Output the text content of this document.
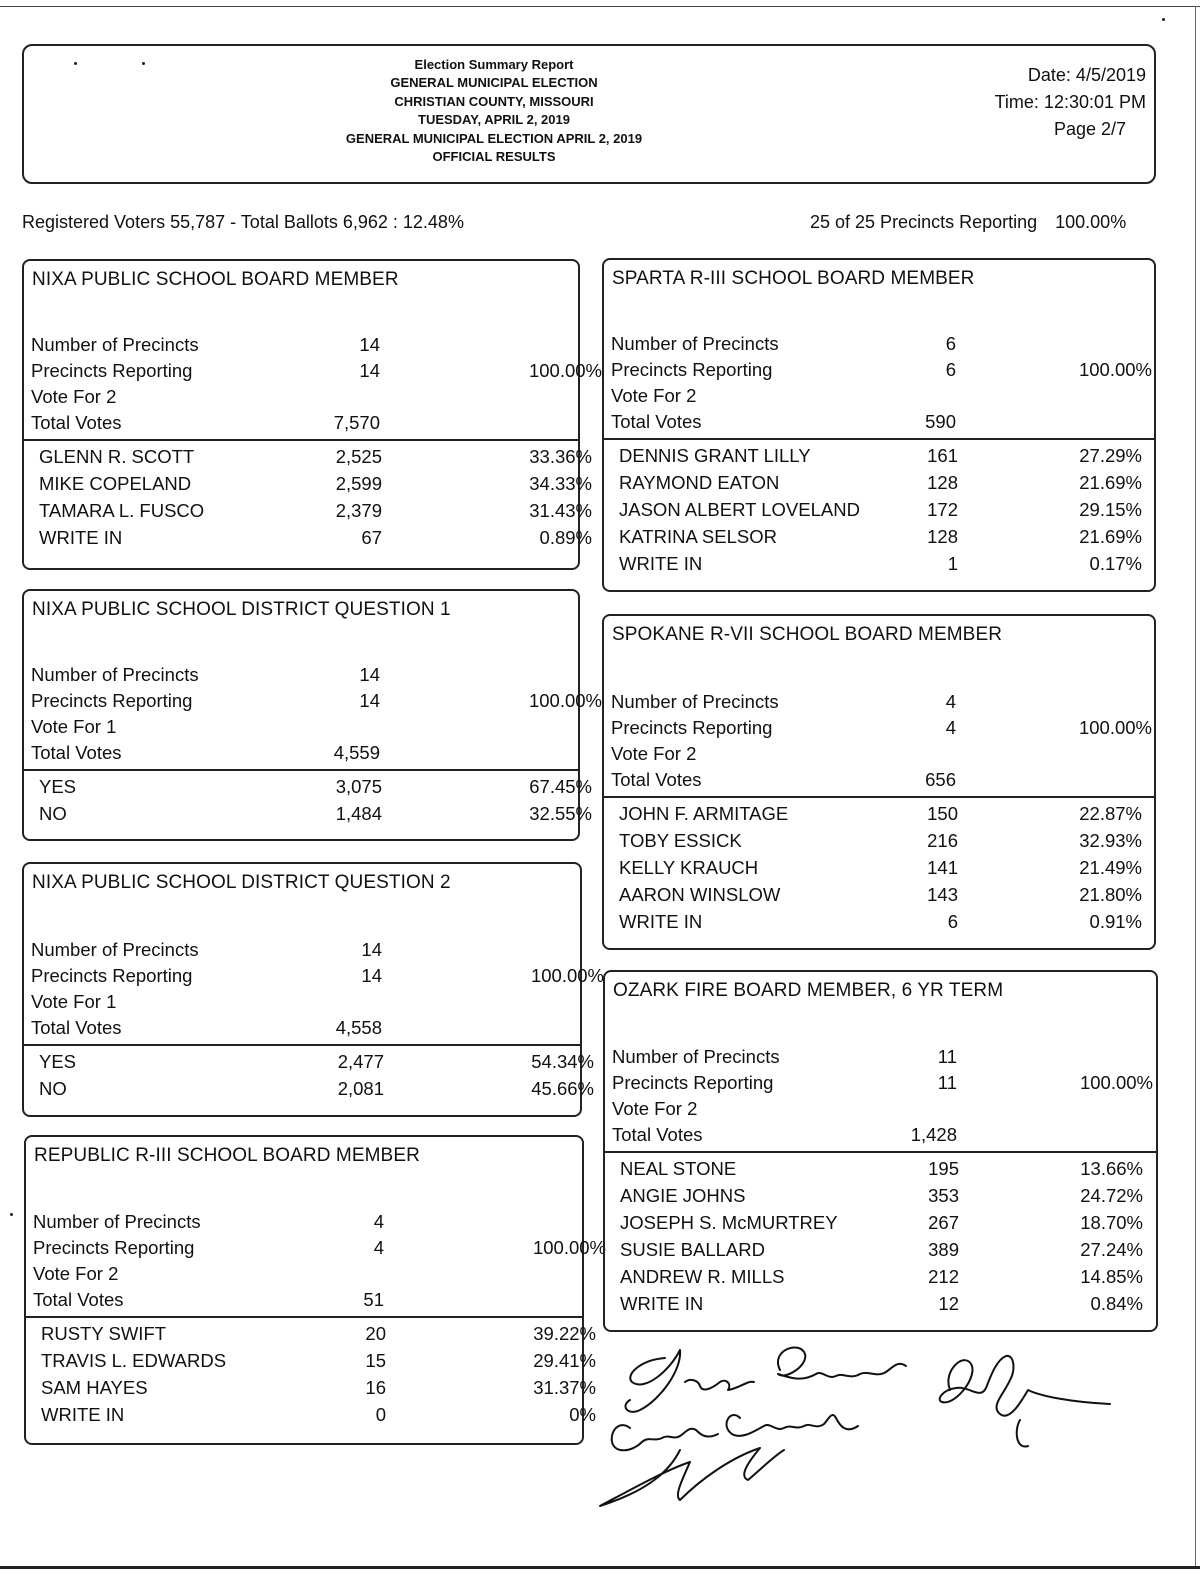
Election Summary Report
GENERAL MUNICIPAL ELECTION
CHRISTIAN COUNTY, MISSOURI
TUESDAY, APRIL 2, 2019
GENERAL MUNICIPAL ELECTION APRIL 2, 2019
OFFICIAL RESULTS
Date: 4/5/2019
Time: 12:30:01 PM
Page 2/7
Registered Voters 55,787 - Total Ballots 6,962 : 12.48%	25 of 25 Precincts Reporting 100.00%
NIXA PUBLIC SCHOOL BOARD MEMBER
Number of Precincts	14
Precincts Reporting	14	100.00%
Vote For 2
Total Votes	7,570
GLENN R. SCOTT	2,525	33.36%
MIKE COPELAND	2,599	34.33%
TAMARA L. FUSCO	2,379	31.43%
WRITE IN	67	0.89%
NIXA PUBLIC SCHOOL DISTRICT QUESTION 1
Number of Precincts	14
Precincts Reporting	14	100.00%
Vote For 1
Total Votes	4,559
YES	3,075	67.45%
NO	1,484	32.55%
NIXA PUBLIC SCHOOL DISTRICT QUESTION 2
Number of Precincts	14
Precincts Reporting	14	100.00%
Vote For 1
Total Votes	4,558
YES	2,477	54.34%
NO	2,081	45.66%
REPUBLIC R-III SCHOOL BOARD MEMBER
Number of Precincts	4
Precincts Reporting	4	100.00%
Vote For 2
Total Votes	51
RUSTY SWIFT	20	39.22%
TRAVIS L. EDWARDS	15	29.41%
SAM HAYES	16	31.37%
WRITE IN	0	0%
SPARTA R-III SCHOOL BOARD MEMBER
Number of Precincts	6
Precincts Reporting	6	100.00%
Vote For 2
Total Votes	590
DENNIS GRANT LILLY	161	27.29%
RAYMOND EATON	128	21.69%
JASON ALBERT LOVELAND	172	29.15%
KATRINA SELSOR	128	21.69%
WRITE IN	1	0.17%
SPOKANE R-VII SCHOOL BOARD MEMBER
Number of Precincts	4
Precincts Reporting	4	100.00%
Vote For 2
Total Votes	656
JOHN F. ARMITAGE	150	22.87%
TOBY ESSICK	216	32.93%
KELLY KRAUCH	141	21.49%
AARON WINSLOW	143	21.80%
WRITE IN	6	0.91%
OZARK FIRE BOARD MEMBER, 6 YR TERM
Number of Precincts	11
Precincts Reporting	11	100.00%
Vote For 2
Total Votes	1,428
NEAL STONE	195	13.66%
ANGIE JOHNS	353	24.72%
JOSEPH S. McMURTREY	267	18.70%
SUSIE BALLARD	389	27.24%
ANDREW R. MILLS	212	14.85%
WRITE IN	12	0.84%
